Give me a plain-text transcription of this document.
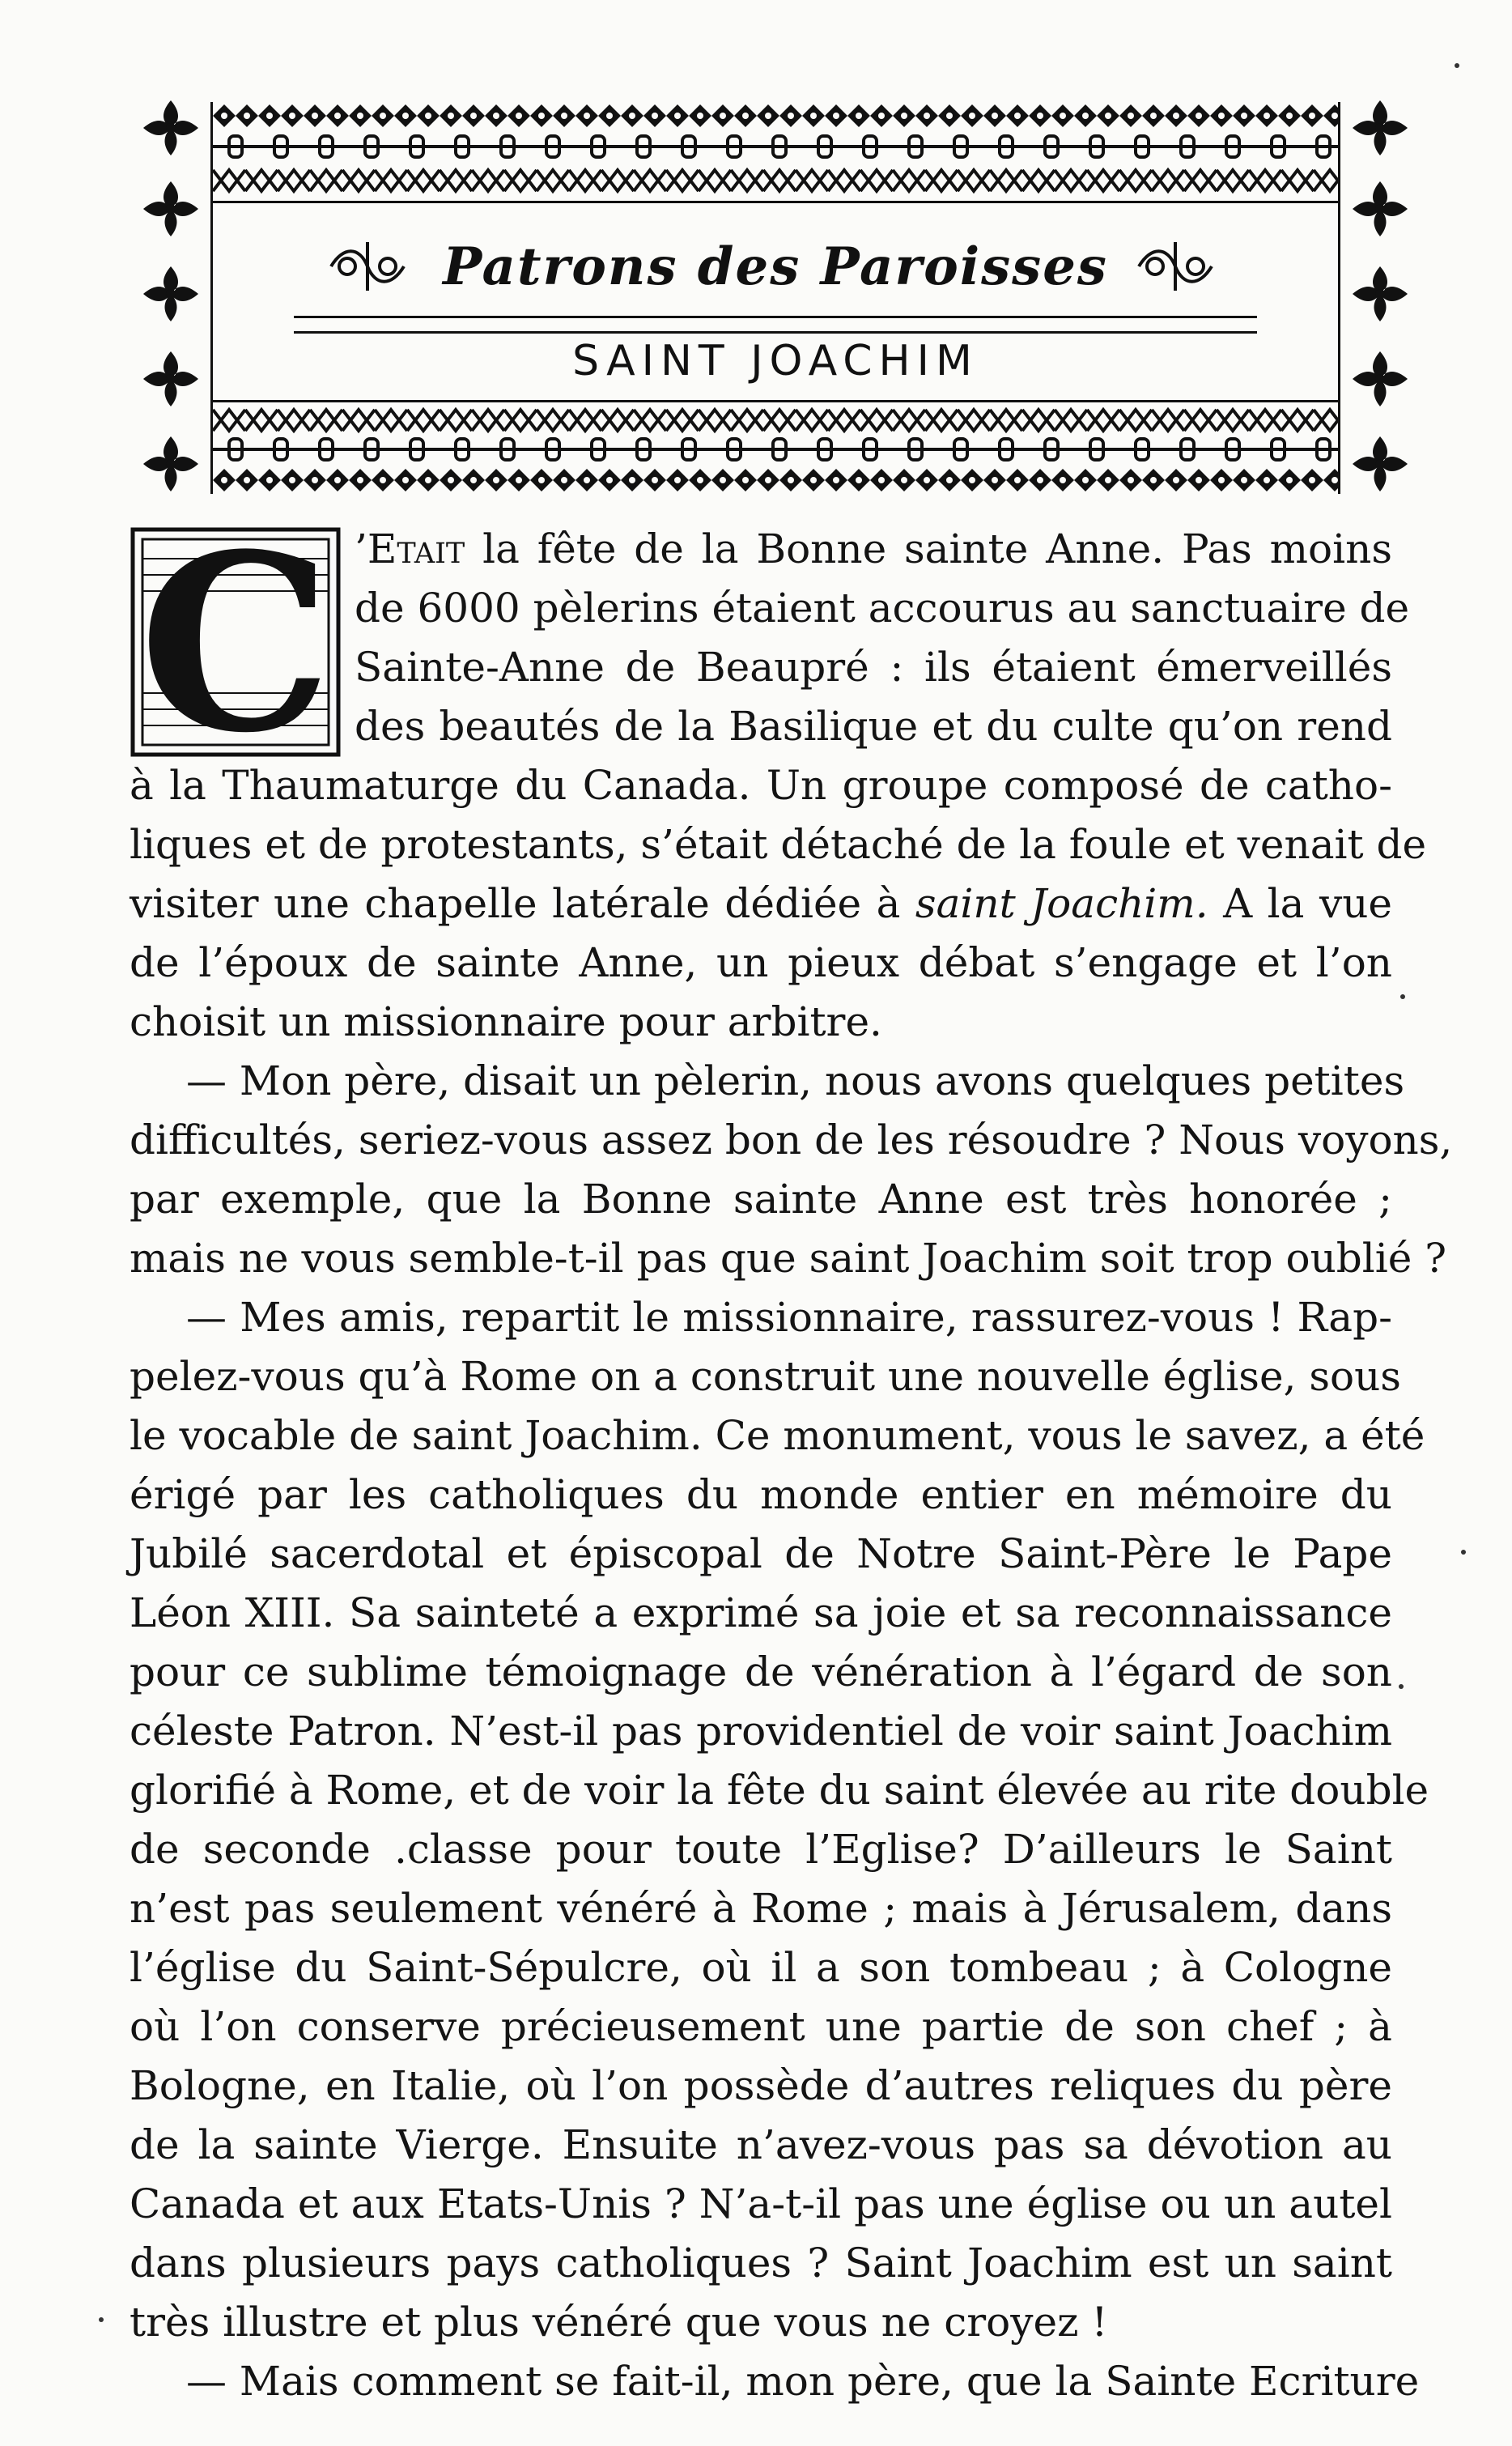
Patrons des Paroisses
SAINT JOACHIM
C ’Etait la fête de la Bonne sainte Anne. Pas moins
de 6000 pèlerins étaient accourus au sanctuaire de
Sainte-Anne de Beaupré : ils étaient émerveillés
des beautés de la Basilique et du culte qu’on rend
à la Thaumaturge du Canada. Un groupe composé de catho-
liques et de protestants, s’était détaché de la foule et venait de
visiter une chapelle latérale dédiée à saint Joachim. A la vue
de l’époux de sainte Anne, un pieux débat s’engage et l’on
choisit un missionnaire pour arbitre.
— Mon père, disait un pèlerin, nous avons quelques petites
difficultés, seriez-vous assez bon de les résoudre ? Nous voyons,
par exemple, que la Bonne sainte Anne est très honorée ;
mais ne vous semble-t-il pas que saint Joachim soit trop oublié ?
— Mes amis, repartit le missionnaire, rassurez-vous ! Rap-
pelez-vous qu’à Rome on a construit une nouvelle église, sous
le vocable de saint Joachim. Ce monument, vous le savez, a été
érigé par les catholiques du monde entier en mémoire du
Jubilé sacerdotal et épiscopal de Notre Saint-Père le Pape
Léon XIII. Sa sainteté a exprimé sa joie et sa reconnaissance
pour ce sublime témoignage de vénération à l’égard de son
céleste Patron. N’est-il pas providentiel de voir saint Joachim
glorifié à Rome, et de voir la fête du saint élevée au rite double
de seconde .classe pour toute l’Eglise? D’ailleurs le Saint
n’est pas seulement vénéré à Rome ; mais à Jérusalem, dans
l’église du Saint-Sépulcre, où il a son tombeau ; à Cologne
où l’on conserve précieusement une partie de son chef ; à
Bologne, en Italie, où l’on possède d’autres reliques du père
de la sainte Vierge. Ensuite n’avez-vous pas sa dévotion au
Canada et aux Etats-Unis ? N’a-t-il pas une église ou un autel
dans plusieurs pays catholiques ? Saint Joachim est un saint
très illustre et plus vénéré que vous ne croyez !
— Mais comment se fait-il, mon père, que la Sainte Ecriture
